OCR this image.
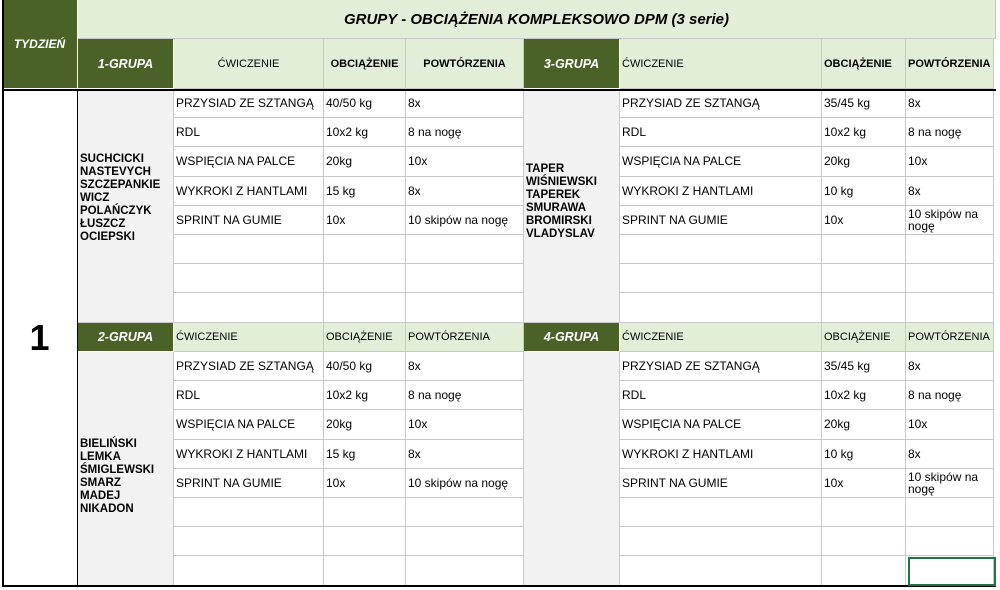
TYDZIEŃ
GRUPY - OBCIĄŻENIA KOMPLEKSOWO DPM (3 serie)
1
1-GRUPA	ĆWICZENIE	OBCIĄŻENIE POWTÓRZENIA
SUCHCICKI
NASTEVYCH
SZCZEPANKIE
WICZ
POLAŃCZYK
ŁUSZCZ
OCIEPSKI
PRZYSIAD ZE SZTANGĄ 40/50 kg	8x
RDL	10x2 kg	8 na nogę
WSPIĘCIA NA PALCE	20kg	10x
WYKROKI Z HANTLAMI 15 kg	8x
SPRINT NA GUMIE	10x	10 skipów na nogę
3-GRUPA ĆWICZENIE	OBCIĄŻENIE POWTÓRZENIA
TAPER
WIŚNIEWSKI
TAPEREK
SMURAWA
BROMIRSKI
VLADYSLAV
PRZYSIAD ZE SZTANGĄ	35/45 kg	8x
RDL	10x2 kg	8 na nogę
WSPIĘCIA NA PALCE	20kg	10x
WYKROKI Z HANTLAMI	10 kg	8x
SPRINT NA GUMIE	10x	10 skipów na nogę
2-GRUPA ĆWICZENIE	OBCIĄŻENIE POWTÓRZENIA
BIELIŃSKI
LEMKA
ŚMIGLEWSKI
SMARZ
MADEJ
NIKADON
PRZYSIAD ZE SZTANGĄ 40/50 kg	8x
RDL	10x2 kg	8 na nogę
WSPIĘCIA NA PALCE	20kg	10x
WYKROKI Z HANTLAMI 15 kg	8x
SPRINT NA GUMIE	10x	10 skipów na nogę
4-GRUPA ĆWICZENIE	OBCIĄŻENIE POWTÓRZENIA
PRZYSIAD ZE SZTANGĄ	35/45 kg	8x
RDL	10x2 kg	8 na nogę
WSPIĘCIA NA PALCE	20kg	10x
WYKROKI Z HANTLAMI	10 kg	8x
SPRINT NA GUMIE	10x	10 skipów na nogę
